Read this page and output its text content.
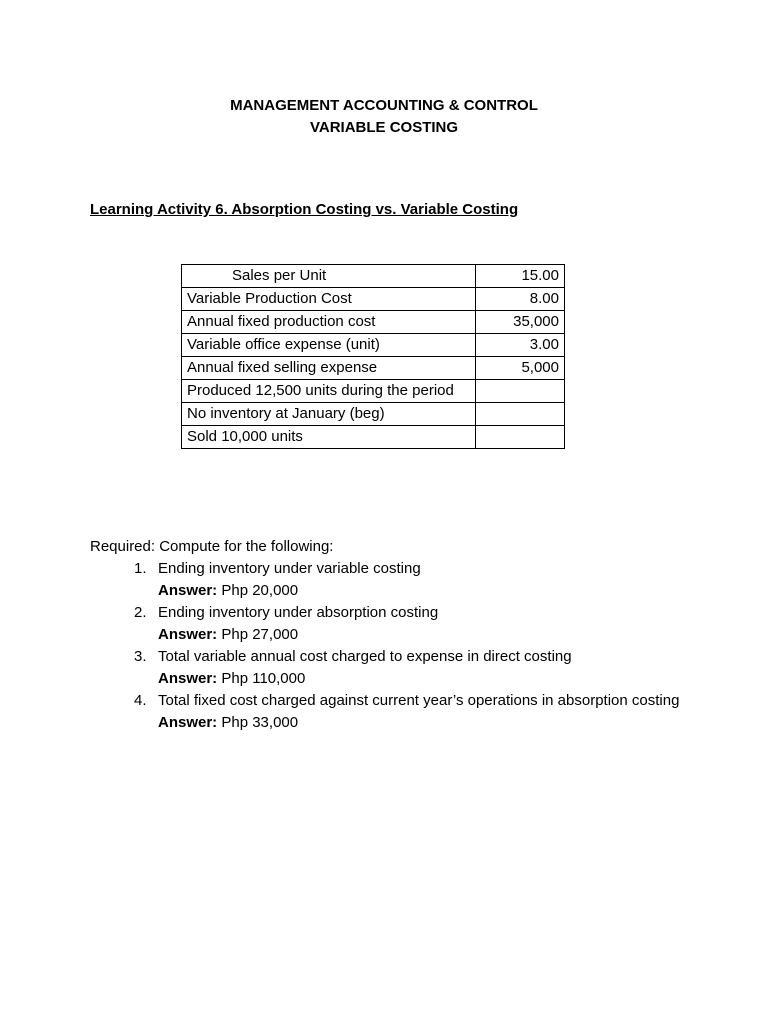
MANAGEMENT ACCOUNTING & CONTROL
VARIABLE COSTING
Learning Activity 6. Absorption Costing vs. Variable Costing
Sales per Unit	15.00
Variable Production Cost	8.00
Annual fixed production cost	35,000
Variable office expense (unit)	3.00
Annual fixed selling expense	5,000
Produced 12,500 units during the period	
No inventory at January (beg)	
Sold 10,000 units	
Required: Compute for the following:
1. Ending inventory under variable costing
Answer: Php 20,000
2. Ending inventory under absorption costing
Answer: Php 27,000
3. Total variable annual cost charged to expense in direct costing
Answer: Php 110,000
4. Total fixed cost charged against current year’s operations in absorption costing
Answer: Php 33,000
